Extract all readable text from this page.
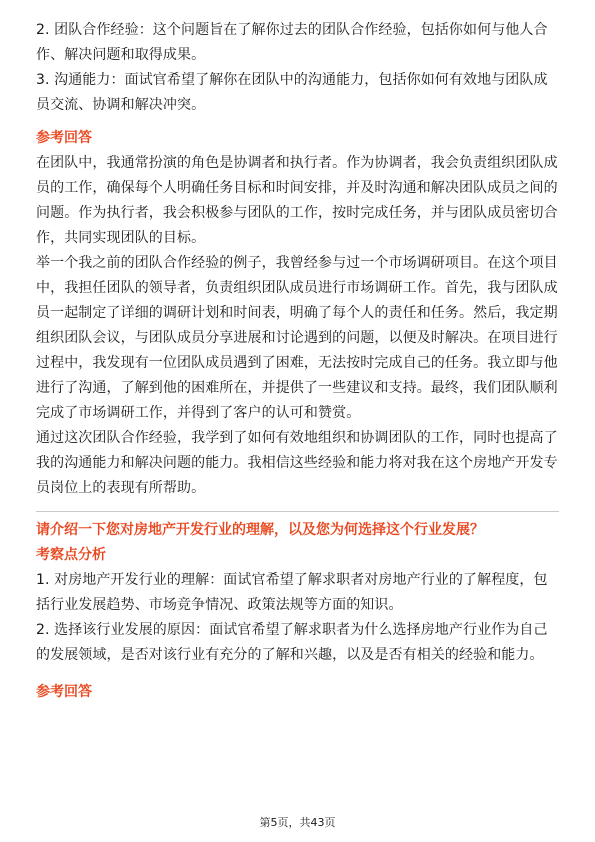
2. 团队合作经验：这个问题旨在了解你过去的团队合作经验，包括你如何与他人合作、解决问题和取得成果。

3. 沟通能力：面试官希望了解你在团队中的沟通能力，包括你如何有效地与团队成员交流、协调和解决冲突。

参考回答

在团队中，我通常扮演的角色是协调者和执行者。作为协调者，我会负责组织团队成员的工作，确保每个人明确任务目标和时间安排，并及时沟通和解决团队成员之间的问题。作为执行者，我会积极参与团队的工作，按时完成任务，并与团队成员密切合作，共同实现团队的目标。

举一个我之前的团队合作经验的例子，我曾经参与过一个市场调研项目。在这个项目中，我担任团队的领导者，负责组织团队成员进行市场调研工作。首先，我与团队成员一起制定了详细的调研计划和时间表，明确了每个人的责任和任务。然后，我定期组织团队会议，与团队成员分享进展和讨论遇到的问题，以便及时解决。在项目进行过程中，我发现有一位团队成员遇到了困难，无法按时完成自己的任务。我立即与他进行了沟通，了解到他的困难所在，并提供了一些建议和支持。最终，我们团队顺利完成了市场调研工作，并得到了客户的认可和赞赏。

通过这次团队合作经验，我学到了如何有效地组织和协调团队的工作，同时也提高了我的沟通能力和解决问题的能力。我相信这些经验和能力将对我在这个房地产开发专员岗位上的表现有所帮助。

请介绍一下您对房地产开发行业的理解，以及您为何选择这个行业发展？

考察点分析

1. 对房地产开发行业的理解：面试官希望了解求职者对房地产行业的了解程度，包括行业发展趋势、市场竞争情况、政策法规等方面的知识。

2. 选择该行业发展的原因：面试官希望了解求职者为什么选择房地产行业作为自己的发展领域，是否对该行业有充分的了解和兴趣，以及是否有相关的经验和能力。

参考回答

第5页，共43页
